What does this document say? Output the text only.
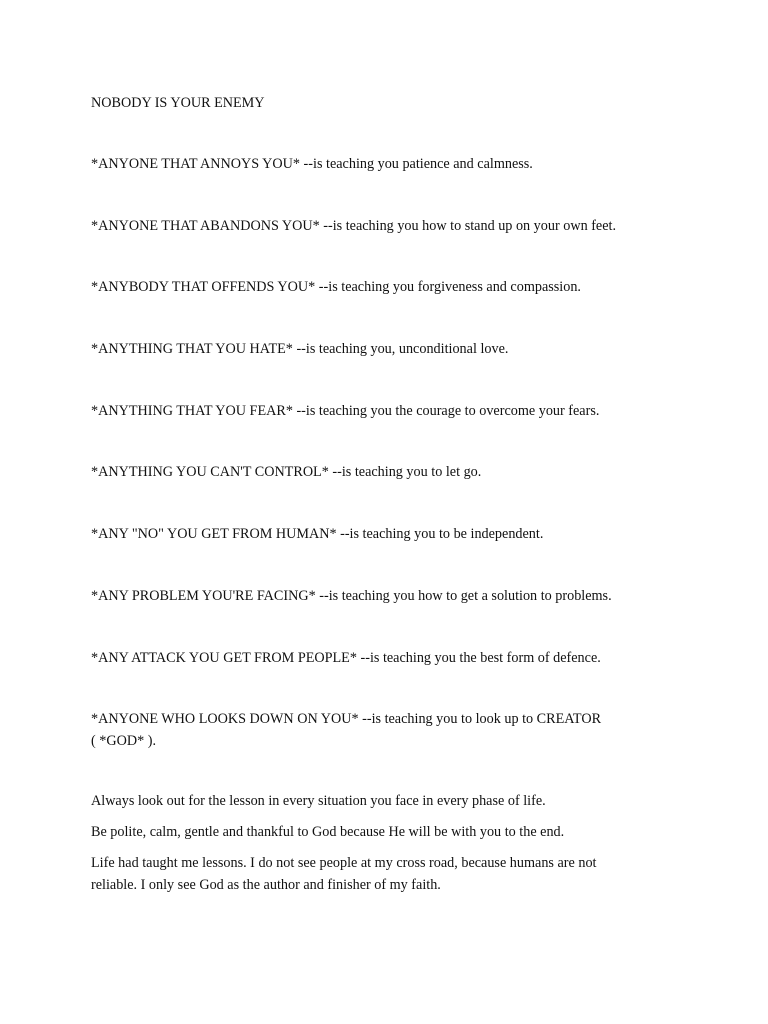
NOBODY IS YOUR ENEMY
*ANYONE THAT ANNOYS YOU* --is teaching you patience and calmness.
*ANYONE THAT ABANDONS YOU* --is teaching you how to stand up on your own feet.
*ANYBODY THAT OFFENDS YOU* --is teaching you forgiveness and compassion.
*ANYTHING THAT YOU HATE* --is teaching you, unconditional love.
*ANYTHING THAT YOU FEAR* --is teaching you the courage to overcome your fears.
*ANYTHING YOU CAN'T CONTROL* --is teaching you to let go.
*ANY "NO" YOU GET FROM HUMAN* --is teaching you to be independent.
*ANY PROBLEM YOU'RE FACING* --is teaching you how to get a solution to problems.
*ANY ATTACK YOU GET FROM PEOPLE* --is teaching you the best form of defence.
*ANYONE WHO LOOKS DOWN ON YOU* --is teaching you to look up to CREATOR
( *GOD* ).
Always look out for the lesson in every situation you face in every phase of life.
Be polite, calm, gentle and thankful to God because He will be with you to the end.
Life had taught me lessons. I do not see people at my cross road, because humans are not
reliable. I only see God as the author and finisher of my faith.
